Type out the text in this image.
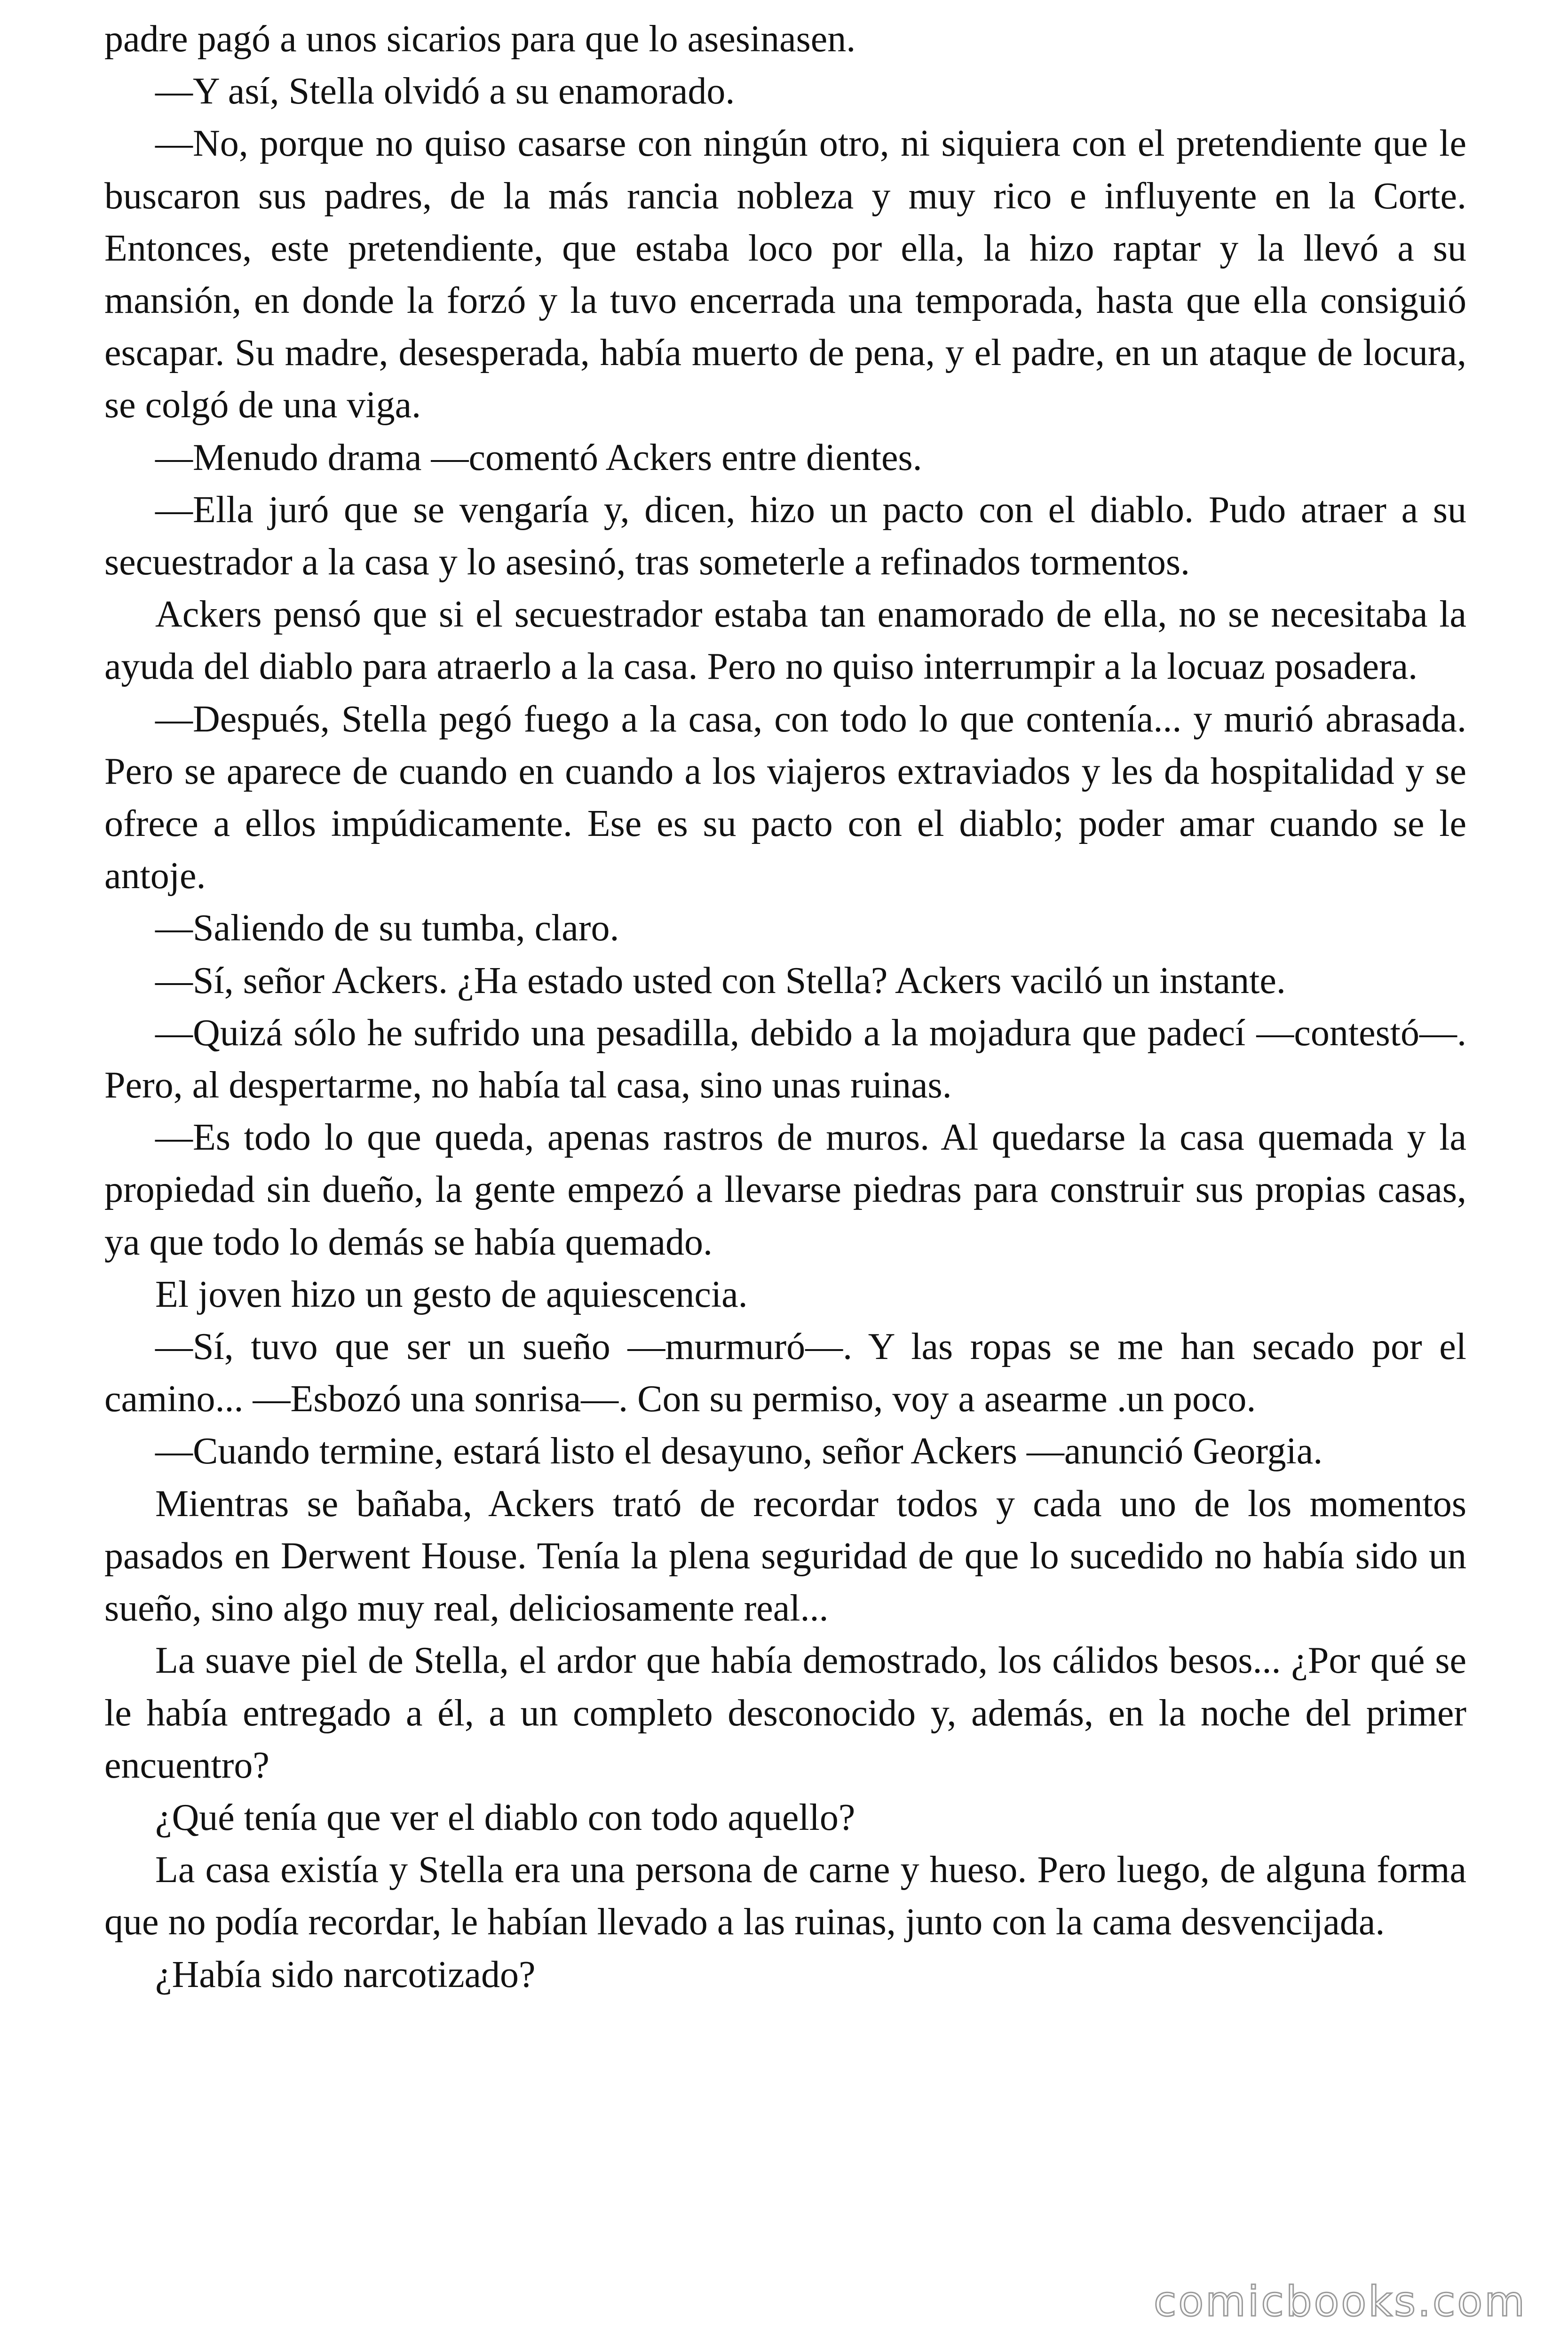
padre pagó a unos sicarios para que lo asesinasen.

—Y así, Stella olvidó a su enamorado.

—No, porque no quiso casarse con ningún otro, ni siquiera con el pretendiente que le buscaron sus padres, de la más rancia nobleza y muy rico e influyente en la Corte. Entonces, este pretendiente, que estaba loco por ella, la hizo raptar y la llevó a su mansión, en donde la forzó y la tuvo encerrada una temporada, hasta que ella consiguió escapar. Su madre, desesperada, había muerto de pena, y el padre, en un ataque de locura, se colgó de una viga.

—Menudo drama —comentó Ackers entre dientes.

—Ella juró que se vengaría y, dicen, hizo un pacto con el diablo. Pudo atraer a su secuestrador a la casa y lo asesinó, tras someterle a refinados tormentos.

Ackers pensó que si el secuestrador estaba tan enamorado de ella, no se necesitaba la ayuda del diablo para atraerlo a la casa. Pero no quiso interrumpir a la locuaz posadera.

—Después, Stella pegó fuego a la casa, con todo lo que contenía... y murió abrasada. Pero se aparece de cuando en cuando a los viajeros extraviados y les da hospitalidad y se ofrece a ellos impúdicamente. Ese es su pacto con el diablo; poder amar cuando se le antoje.

—Saliendo de su tumba, claro.

—Sí, señor Ackers. ¿Ha estado usted con Stella? Ackers vaciló un instante.

—Quizá sólo he sufrido una pesadilla, debido a la mojadura que padecí —contestó—. Pero, al despertarme, no había tal casa, sino unas ruinas.

—Es todo lo que queda, apenas rastros de muros. Al quedarse la casa quemada y la propiedad sin dueño, la gente empezó a llevarse piedras para construir sus propias casas, ya que todo lo demás se había quemado.

El joven hizo un gesto de aquiescencia.

—Sí, tuvo que ser un sueño —murmuró—. Y las ropas se me han secado por el camino... —Esbozó una sonrisa—. Con su permiso, voy a asearme .un poco.

—Cuando termine, estará listo el desayuno, señor Ackers —anunció Georgia.

Mientras se bañaba, Ackers trató de recordar todos y cada uno de los momentos pasados en Derwent House. Tenía la plena seguridad de que lo sucedido no había sido un sueño, sino algo muy real, deliciosamente real...

La suave piel de Stella, el ardor que había demostrado, los cálidos besos... ¿Por qué se le había entregado a él, a un completo desconocido y, además, en la noche del primer encuentro?

¿Qué tenía que ver el diablo con todo aquello?

La casa existía y Stella era una persona de carne y hueso. Pero luego, de alguna forma que no podía recordar, le habían llevado a las ruinas, junto con la cama desvencijada.

¿Había sido narcotizado?

comicbooks.com
